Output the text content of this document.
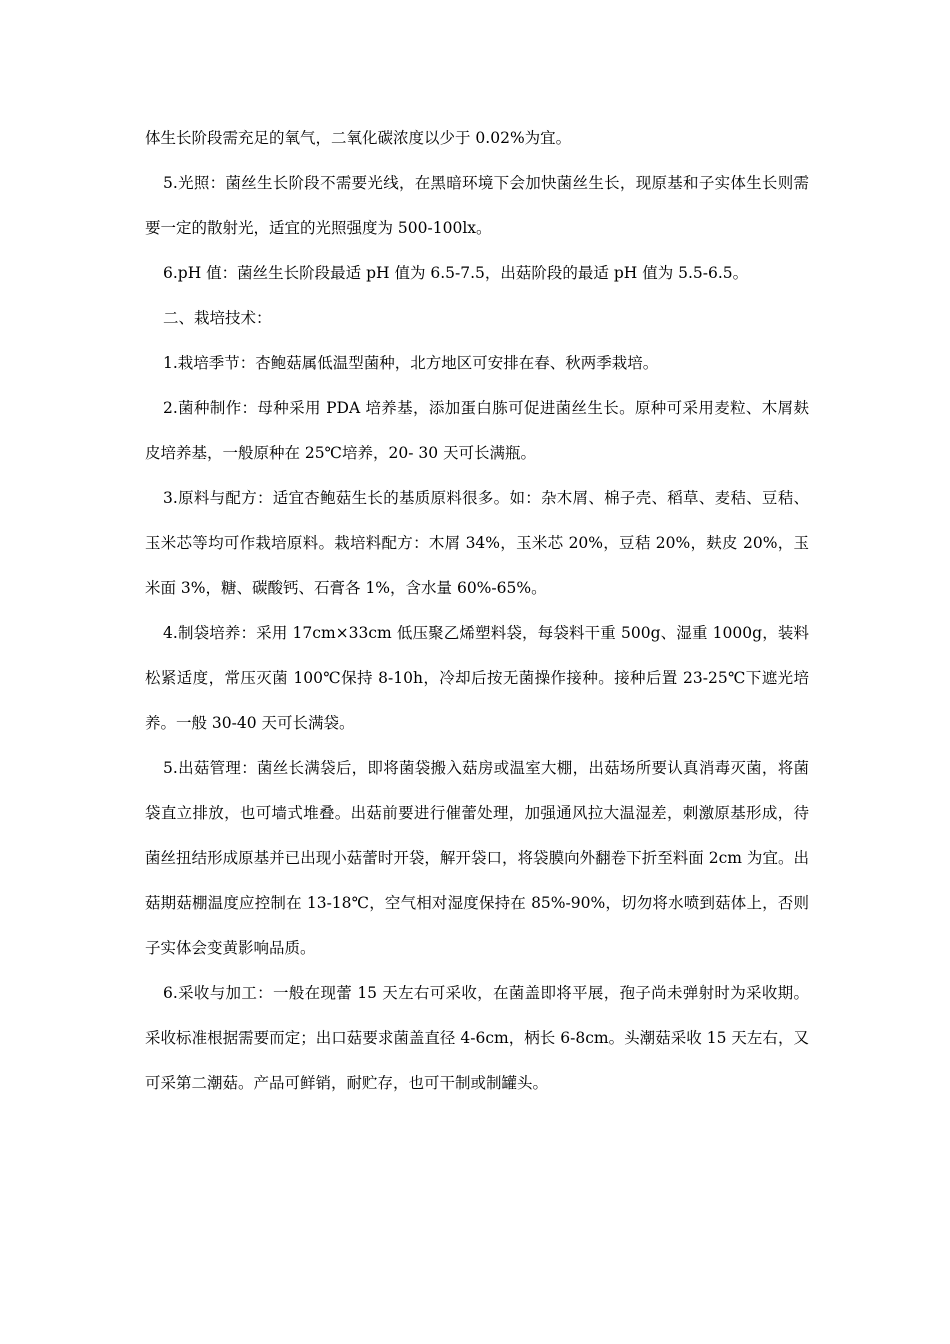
体生长阶段需充足的氧气，二氧化碳浓度以少于 0.02%为宜。

5.光照：菌丝生长阶段不需要光线，在黑暗环境下会加快菌丝生长，现原基和子实体生长则需要一定的散射光，适宜的光照强度为 500-100lx。

6.pH 值：菌丝生长阶段最适 pH 值为 6.5-7.5，出菇阶段的最适 pH 值为 5.5-6.5。

二、栽培技术：

1.栽培季节：杏鲍菇属低温型菌种，北方地区可安排在春、秋两季栽培。

2.菌种制作：母种采用 PDA 培养基，添加蛋白胨可促进菌丝生长。原种可采用麦粒、木屑麸皮培养基，一般原种在 25℃培养，20- 30 天可长满瓶。

3.原料与配方：适宜杏鲍菇生长的基质原料很多。如：杂木屑、棉子壳、稻草、麦秸、豆秸、玉米芯等均可作栽培原料。栽培料配方：木屑 34%，玉米芯 20%，豆秸 20%，麸皮 20%，玉米面 3%，糖、碳酸钙、石膏各 1%，含水量 60%-65%。

4.制袋培养：采用 17cm×33cm 低压聚乙烯塑料袋，每袋料干重 500g、湿重 1000g，装料松紧适度，常压灭菌 100℃保持 8-10h，冷却后按无菌操作接种。接种后置 23-25℃下遮光培养。一般 30-40 天可长满袋。

5.出菇管理：菌丝长满袋后，即将菌袋搬入菇房或温室大棚，出菇场所要认真消毒灭菌，将菌袋直立排放，也可墙式堆叠。出菇前要进行催蕾处理，加强通风拉大温湿差，刺激原基形成，待菌丝扭结形成原基并已出现小菇蕾时开袋，解开袋口，将袋膜向外翻卷下折至料面 2cm 为宜。出菇期菇棚温度应控制在 13-18℃，空气相对湿度保持在 85%-90%，切勿将水喷到菇体上，否则子实体会变黄影响品质。

6.采收与加工：一般在现蕾 15 天左右可采收，在菌盖即将平展，孢子尚未弹射时为采收期。采收标准根据需要而定；出口菇要求菌盖直径 4-6cm，柄长 6-8cm。头潮菇采收 15 天左右，又可采第二潮菇。产品可鲜销，耐贮存，也可干制或制罐头。
